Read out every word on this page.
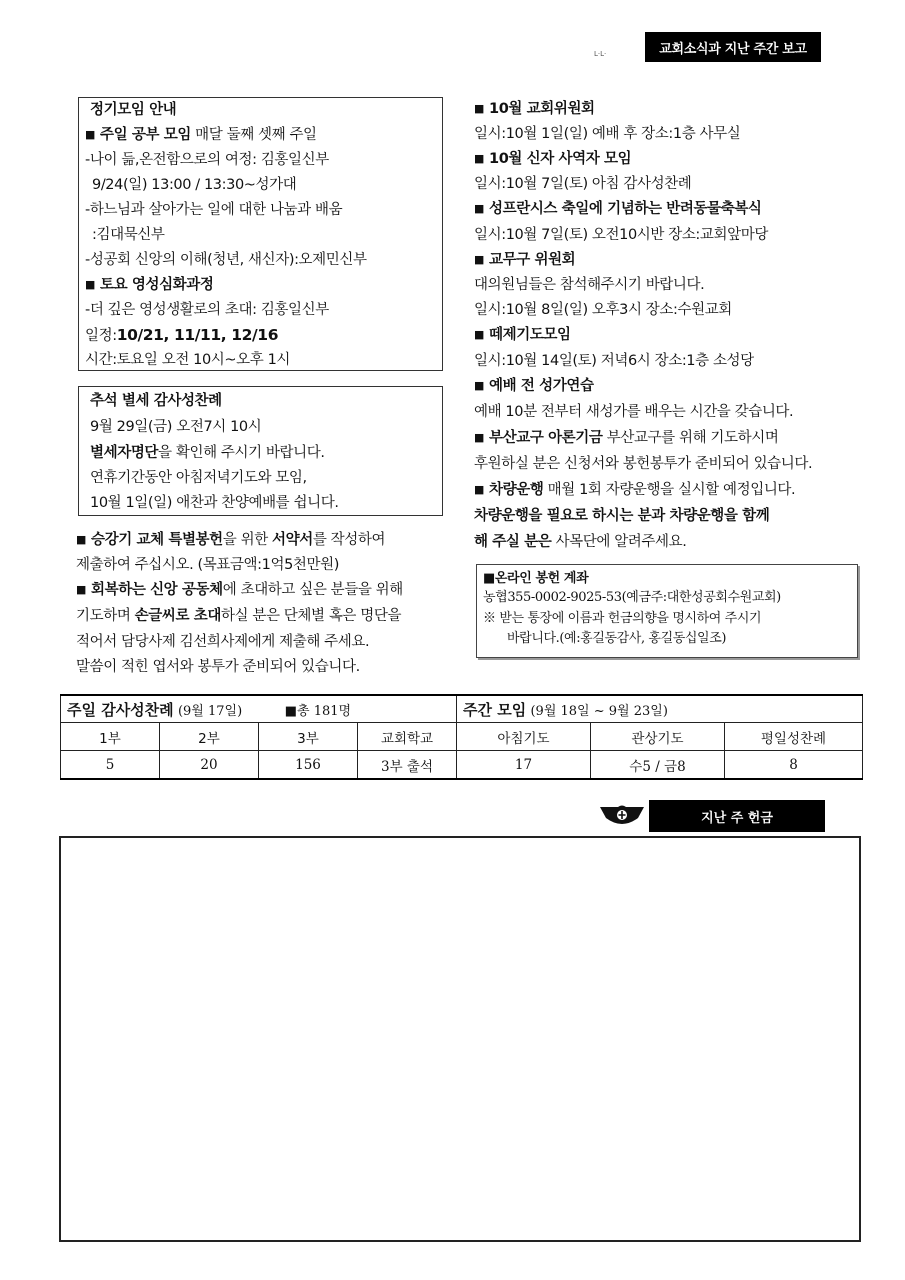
L·L·	교회소식과 지난 주간 보고
정기모임 안내
■ 주일 공부 모임 매달 둘째 셋째 주일
-나이 듦,온전함으로의 여정: 김홍일신부
9/24(일) 13:00 / 13:30~성가대
-하느님과 살아가는 일에 대한 나눔과 배움
:김대묵신부
-성공회 신앙의 이해(청년, 새신자):오제민신부
■ 토요 영성심화과정
-더 깊은 영성생활로의 초대: 김홍일신부
일정:10/21, 11/11, 12/16
시간:토요일 오전 10시~오후 1시
추석 별세 감사성찬례
9월 29일(금) 오전7시 10시
별세자명단을 확인해 주시기 바랍니다.
연휴기간동안 아침저녁기도와 모임,
10월 1일(일) 애찬과 찬양예배를 쉽니다.
■ 승강기 교체 특별봉헌을 위한 서약서를 작성하여
제출하여 주십시오. (목표금액:1억5천만원)
■ 회복하는 신앙 공동체에 초대하고 싶은 분들을 위해
기도하며 손글씨로 초대하실 분은 단체별 혹은 명단을
적어서 담당사제 김선희사제에게 제출해 주세요.
말씀이 적힌 엽서와 봉투가 준비되어 있습니다.
■ 10월 교회위원회
일시:10월 1일(일) 예배 후 장소:1층 사무실
■ 10월 신자 사역자 모임
일시:10월 7일(토) 아침 감사성찬례
■ 성프란시스 축일에 기념하는 반려동물축복식
일시:10월 7일(토) 오전10시반 장소:교회앞마당
■ 교무구 위원회
대의원님들은 참석해주시기 바랍니다.
일시:10월 8일(일) 오후3시 장소:수원교회
■ 떼제기도모임
일시:10월 14일(토) 저녁6시 장소:1층 소성당
■ 예배 전 성가연습
예배 10분 전부터 새성가를 배우는 시간을 갖습니다.
■ 부산교구 아론기금 부산교구를 위해 기도하시며
후원하실 분은 신청서와 봉헌봉투가 준비되어 있습니다.
■ 차량운행 매월 1회 자량운행을 실시할 예정입니다.
차량운행을 필요로 하시는 분과 차량운행을 함께
해 주실 분은 사목단에 알려주세요.
■온라인 봉헌 계좌
농협355-0002-9025-53(예금주:대한성공회수원교회)
※ 받는 통장에 이름과 헌금의향을 명시하여 주시기
바랍니다.(예:홍길동감사, 홍길동십일조)
주일 감사성찬례 (9월 17일) ■총 181명				주간 모임 (9월 18일 ~ 9월 23일)		
1부	2부	3부	교회학교	아침기도	관상기도	평일성찬례
5	20	156	3부 출석	17	수5 / 금8	8
지난 주 헌금
